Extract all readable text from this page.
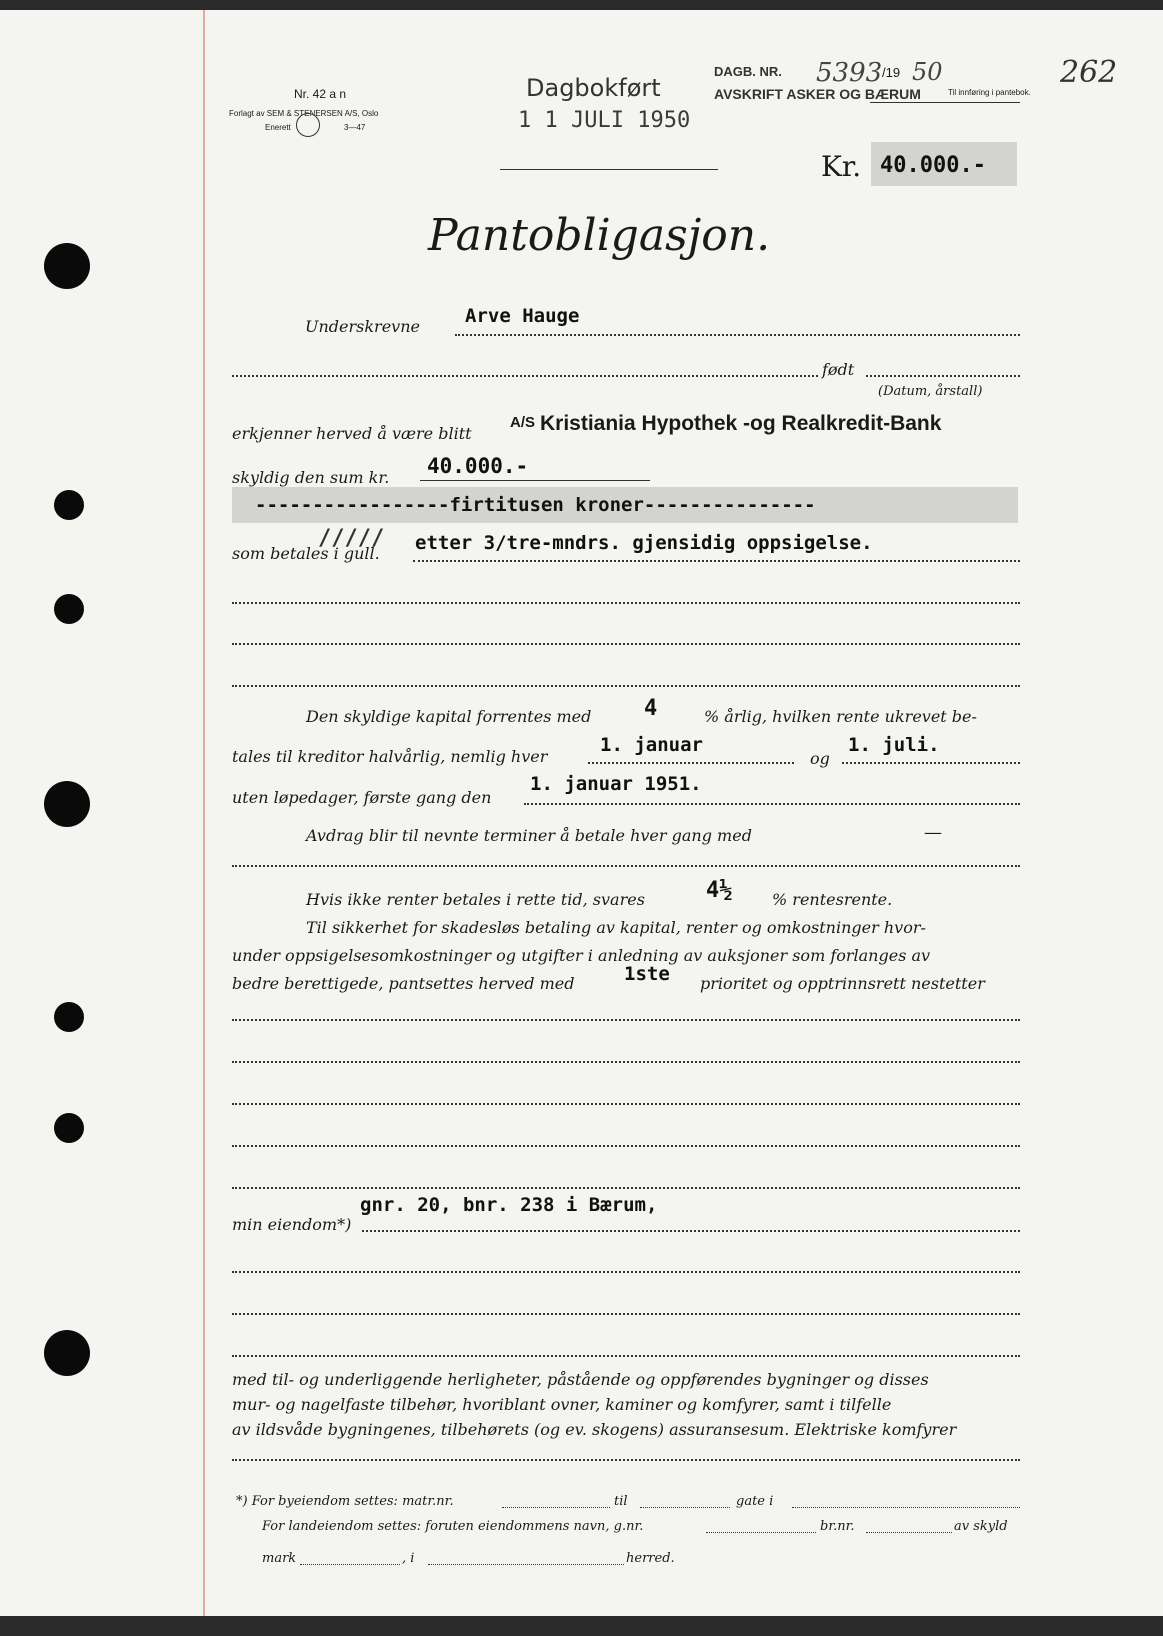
Nr. 42 a n
Forlagt av SEM & STENERSEN A/S, Oslo
Enerett	3—47
Dagbokført
1 1 JULI 1950
DAGB. NR. 5393 /19 50
AVSKRIFT ASKER OG BÆRUM	Til innføring i pantebok.
262
Kr. 40.000.-
Pantobligasjon.
Underskrevne Arve Hauge
født
(Datum, årstall)
erkjenner herved å være blitt
A/S Kristiania Hypothek -og Realkredit-Bank
skyldig den sum kr. 40.000.-
-----------------firtitusen kroner---------------
som betales i gull.
///// etter 3/tre-mndrs. gjensidig oppsigelse.
Den skyldige kapital forrentes med 4	% årlig, hvilken rente ukrevet be-
tales til kreditor halvårlig, nemlig hver
1. januar
og
1. juli.
uten løpedager, første gang den
1. januar 1951.
Avdrag blir til nevnte terminer å betale hver gang med	—
Hvis ikke renter betales i rette tid, svares	4½ % rentesrente.
Til sikkerhet for skadesløs betaling av kapital, renter og omkostninger hvor-
under oppsigelsesomkostninger og utgifter i anledning av auksjoner som forlanges av
bedre berettigede, pantsettes herved med	1ste prioritet og opptrinnsrett nestetter
min eiendom*)
gnr. 20, bnr. 238 i Bærum,
med til- og underliggende herligheter, påstående og oppførendes bygninger og disses
mur- og nagelfaste tilbehør, hvoriblant ovner, kaminer og komfyrer, samt i tilfelle
av ildsvåde bygningenes, tilbehørets (og ev. skogens) assuransesum. Elektriske komfyrer
*) For byeiendom settes: matr.nr.	til	gate i
For landeiendom settes: foruten eiendommens navn, g.nr.	br.nr.	av skyld
mark	, i	herred.
